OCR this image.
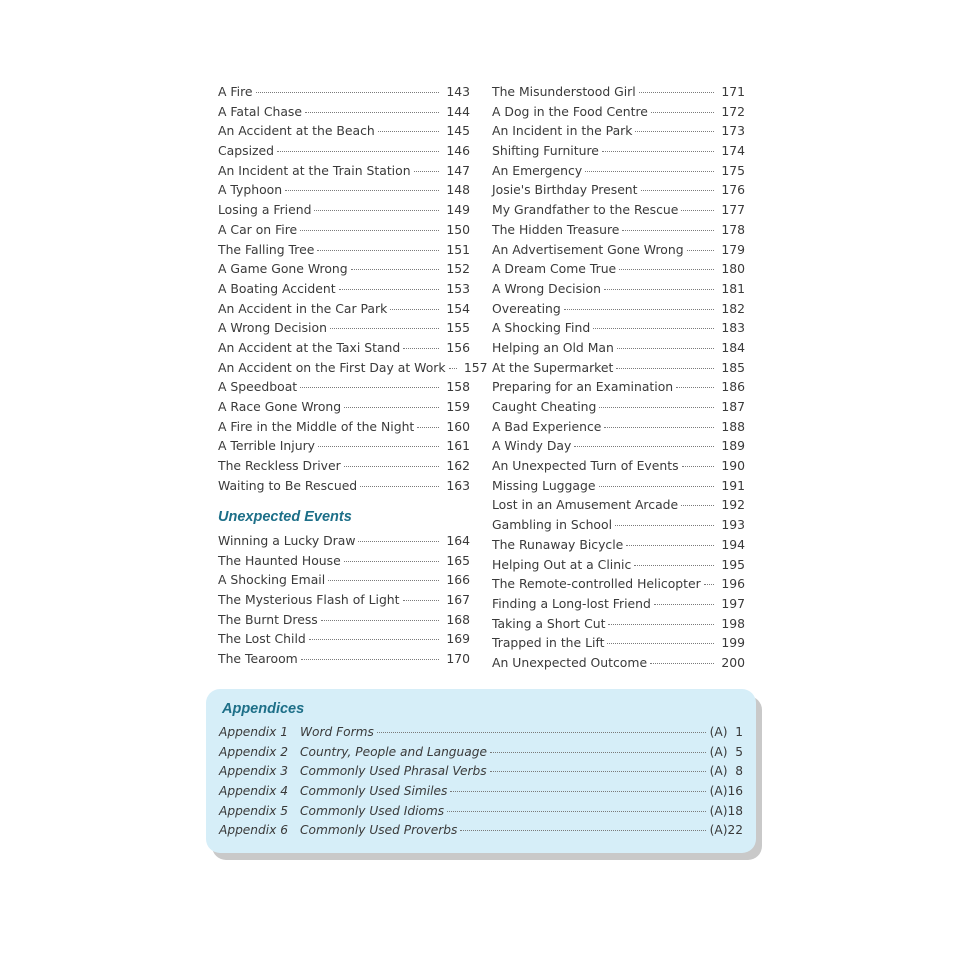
A Fire	143
A Fatal Chase	144
An Accident at the Beach	145
Capsized	146
An Incident at the Train Station	147
A Typhoon	148
Losing a Friend	149
A Car on Fire	150
The Falling Tree	151
A Game Gone Wrong	152
A Boating Accident	153
An Accident in the Car Park	154
A Wrong Decision	155
An Accident at the Taxi Stand	156
An Accident on the First Day at Work	157
A Speedboat	158
A Race Gone Wrong	159
A Fire in the Middle of the Night	160
A Terrible Injury	161
The Reckless Driver	162
Waiting to Be Rescued	163
Unexpected Events
Winning a Lucky Draw	164
The Haunted House	165
A Shocking Email	166
The Mysterious Flash of Light	167
The Burnt Dress	168
The Lost Child	169
The Tearoom	170
The Misunderstood Girl	171
A Dog in the Food Centre	172
An Incident in the Park	173
Shifting Furniture	174
An Emergency	175
Josie's Birthday Present	176
My Grandfather to the Rescue	177
The Hidden Treasure	178
An Advertisement Gone Wrong	179
A Dream Come True	180
A Wrong Decision	181
Overeating	182
A Shocking Find	183
Helping an Old Man	184
At the Supermarket	185
Preparing for an Examination	186
Caught Cheating	187
A Bad Experience	188
A Windy Day	189
An Unexpected Turn of Events	190
Missing Luggage	191
Lost in an Amusement Arcade	192
Gambling in School	193
The Runaway Bicycle	194
Helping Out at a Clinic	195
The Remote-controlled Helicopter	196
Finding a Long-lost Friend	197
Taking a Short Cut	198
Trapped in the Lift	199
An Unexpected Outcome	200
Appendices
Appendix 1 Word Forms	(A)  1
Appendix 2 Country, People and Language	(A)  5
Appendix 3 Commonly Used Phrasal Verbs	(A)  8
Appendix 4 Commonly Used Similes	(A)16
Appendix 5 Commonly Used Idioms	(A)18
Appendix 6 Commonly Used Proverbs	(A)22
